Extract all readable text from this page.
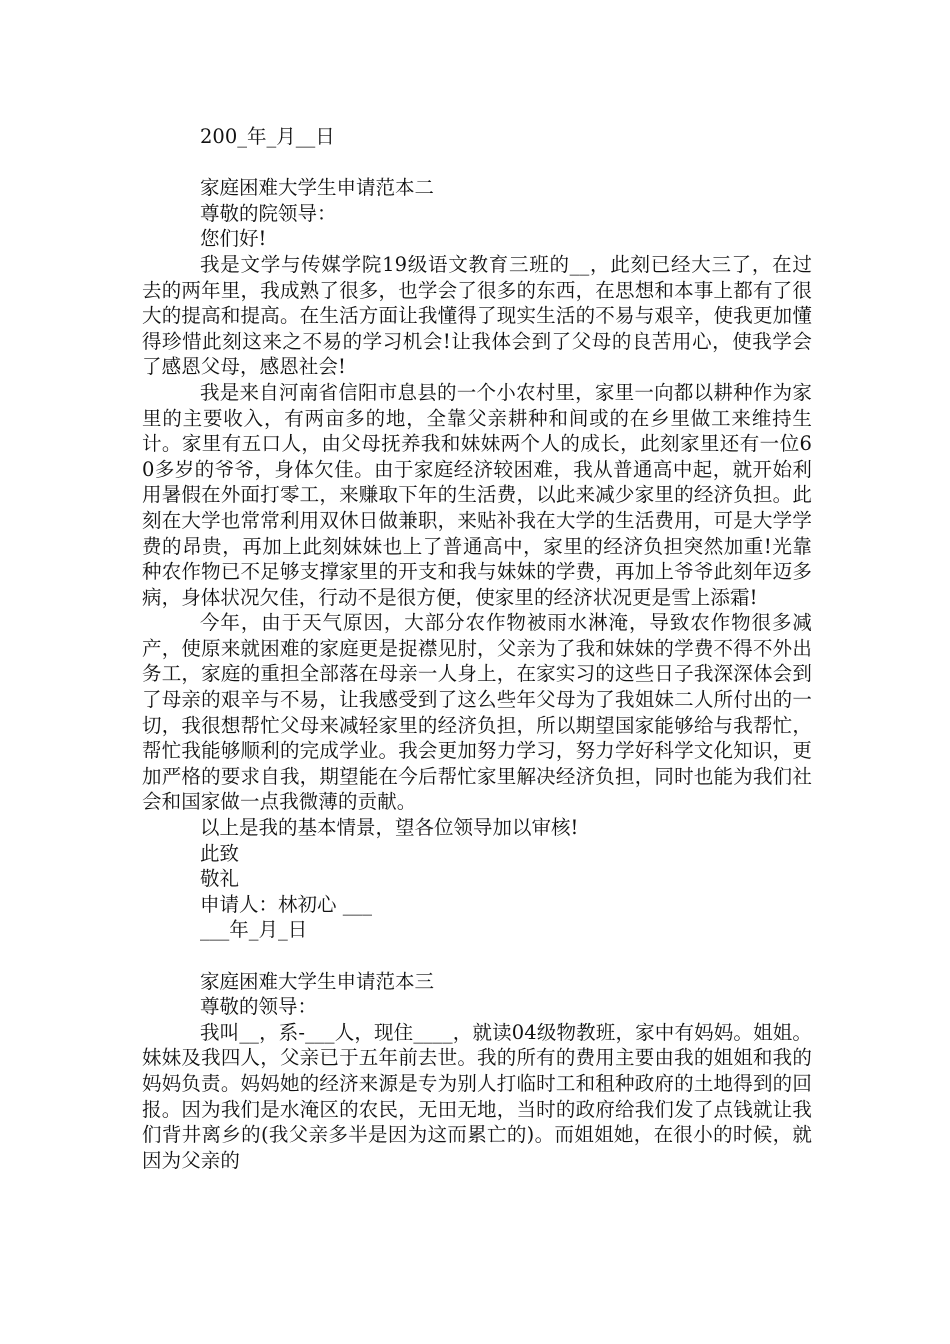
200_年_月__日
家庭困难大学生申请范本二
尊敬的院领导：
您们好!
我是文学与传媒学院19级语文教育三班的__，此刻已经大三了，在过去的两年里，我成熟了很多，也学会了很多的东西，在思想和本事上都有了很大的提高和提高。在生活方面让我懂得了现实生活的不易与艰辛，使我更加懂得珍惜此刻这来之不易的学习机会!让我体会到了父母的良苦用心，使我学会了感恩父母，感恩社会!
我是来自河南省信阳市息县的一个小农村里，家里一向都以耕种作为家里的主要收入，有两亩多的地，全靠父亲耕种和间或的在乡里做工来维持生计。家里有五口人，由父母抚养我和妹妹两个人的成长，此刻家里还有一位60多岁的爷爷，身体欠佳。由于家庭经济较困难，我从普通高中起，就开始利用暑假在外面打零工，来赚取下年的生活费，以此来减少家里的经济负担。此刻在大学也常常利用双休日做兼职，来贴补我在大学的生活费用，可是大学学费的昂贵，再加上此刻妹妹也上了普通高中，家里的经济负担突然加重!光靠种农作物已不足够支撑家里的开支和我与妹妹的学费，再加上爷爷此刻年迈多病，身体状况欠佳，行动不是很方便，使家里的经济状况更是雪上添霜!
今年，由于天气原因，大部分农作物被雨水淋淹，导致农作物很多减产，使原来就困难的家庭更是捉襟见肘，父亲为了我和妹妹的学费不得不外出务工，家庭的重担全部落在母亲一人身上，在家实习的这些日子我深深体会到了母亲的艰辛与不易，让我感受到了这么些年父母为了我姐妹二人所付出的一切，我很想帮忙父母来减轻家里的经济负担，所以期望国家能够给与我帮忙，帮忙我能够顺利的完成学业。我会更加努力学习，努力学好科学文化知识，更加严格的要求自我，期望能在今后帮忙家里解决经济负担，同时也能为我们社会和国家做一点我微薄的贡献。
以上是我的基本情景，望各位领导加以审核!
此致
敬礼
申请人：林初心 ___
___年_月_日
家庭困难大学生申请范本三
尊敬的领导：
我叫__，系-___人，现住____，就读04级物教班，家中有妈妈。姐姐。妹妹及我四人，父亲已于五年前去世。我的所有的费用主要由我的姐姐和我的妈妈负责。妈妈她的经济来源是专为别人打临时工和租种政府的土地得到的回报。因为我们是水淹区的农民，无田无地，当时的政府给我们发了点钱就让我们背井离乡的(我父亲多半是因为这而累亡的)。而姐姐她，在很小的时候，就因为父亲的
